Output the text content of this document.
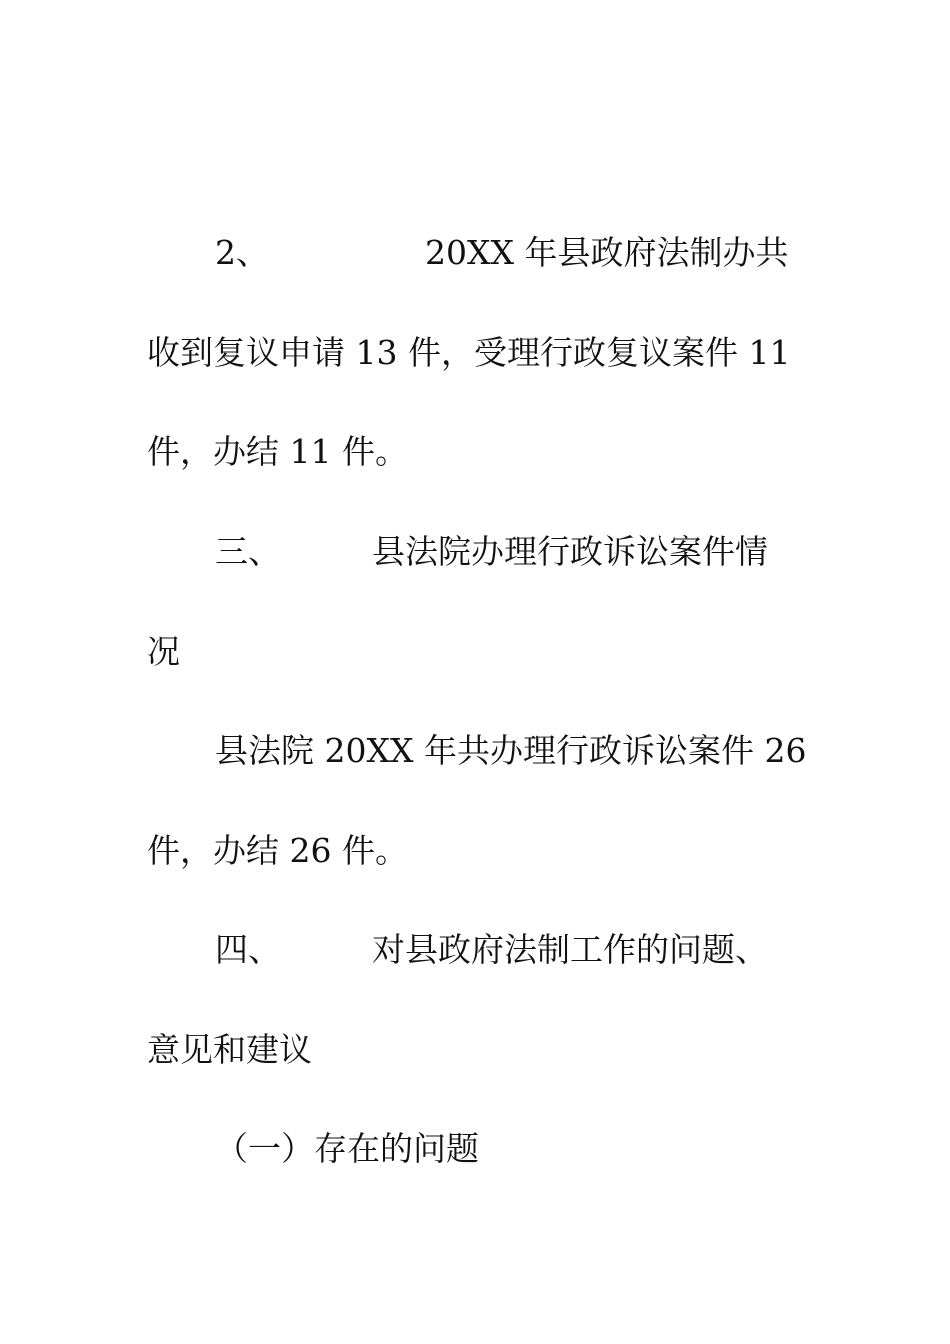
2、	20XX 年县政府法制办共
收到复议申请 13 件，受理行政复议案件 11
件，办结 11 件。
三、	县法院办理行政诉讼案件情
况
县法院 20XX 年共办理行政诉讼案件 26
件，办结 26 件。
四、	对县政府法制工作的问题、
意见和建议
（一）存在的问题
